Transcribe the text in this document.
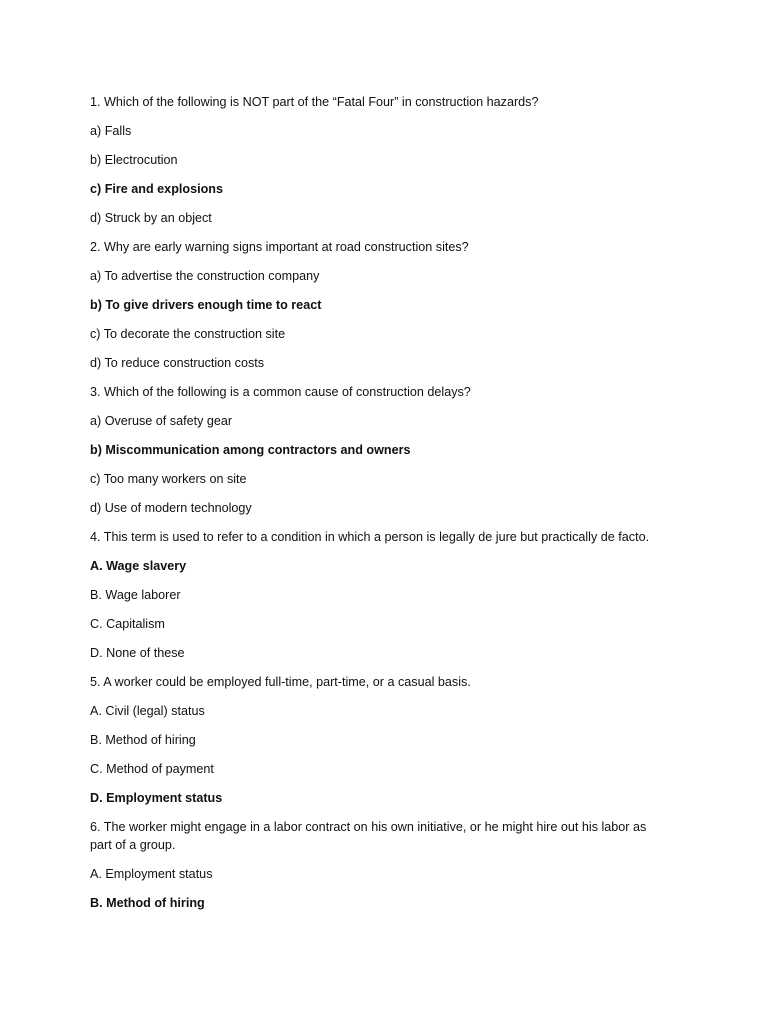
1. Which of the following is NOT part of the “Fatal Four” in construction hazards?

a) Falls

b) Electrocution

c) Fire and explosions

d) Struck by an object

2. Why are early warning signs important at road construction sites?

a) To advertise the construction company

b) To give drivers enough time to react

c) To decorate the construction site

d) To reduce construction costs

3. Which of the following is a common cause of construction delays?

a) Overuse of safety gear

b) Miscommunication among contractors and owners

c) Too many workers on site

d) Use of modern technology

4. This term is used to refer to a condition in which a person is legally de jure but practically de facto.

A. Wage slavery

B. Wage laborer

C. Capitalism

D. None of these

5. A worker could be employed full-time, part-time, or a casual basis.

A. Civil (legal) status

B. Method of hiring

C. Method of payment

D. Employment status

6. The worker might engage in a labor contract on his own initiative, or he might hire out his labor as part of a group.

A. Employment status

B. Method of hiring
